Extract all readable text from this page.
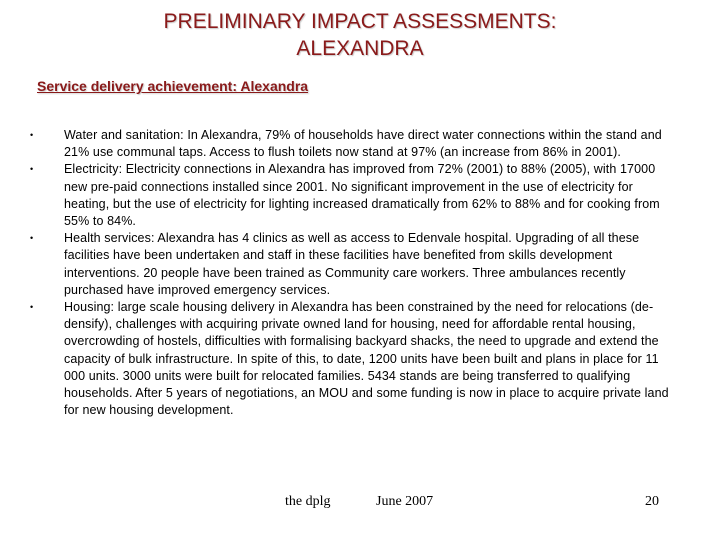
PRELIMINARY IMPACT ASSESSMENTS:
ALEXANDRA
Service delivery achievement: Alexandra
• Water and sanitation: In Alexandra, 79% of households have direct water connections within the stand and 21% use communal taps. Access to flush toilets now stand at 97% (an increase from 86% in 2001).
• Electricity: Electricity connections in Alexandra has improved from 72% (2001) to 88% (2005), with 17000 new pre-paid connections installed since 2001. No significant improvement in the use of electricity for heating, but the use of electricity for lighting increased dramatically from 62% to 88% and for cooking from 55% to 84%.
• Health services: Alexandra has 4 clinics as well as access to Edenvale hospital. Upgrading of all these facilities have been undertaken and staff in these facilities have benefited from skills development interventions. 20 people have been trained as Community care workers. Three ambulances recently purchased have improved emergency services.
• Housing: large scale housing delivery in Alexandra has been constrained by the need for relocations (de-densify), challenges with acquiring private owned land for housing, need for affordable rental housing, overcrowding of hostels, difficulties with formalising backyard shacks, the need to upgrade and extend the capacity of bulk infrastructure. In spite of this, to date, 1200 units have been built and plans in place for 11 000 units. 3000 units were built for relocated families. 5434 stands are being transferred to qualifying households. After 5 years of negotiations, an MOU and some funding is now in place to acquire private land for new housing development.
the dplg	June 2007	20
